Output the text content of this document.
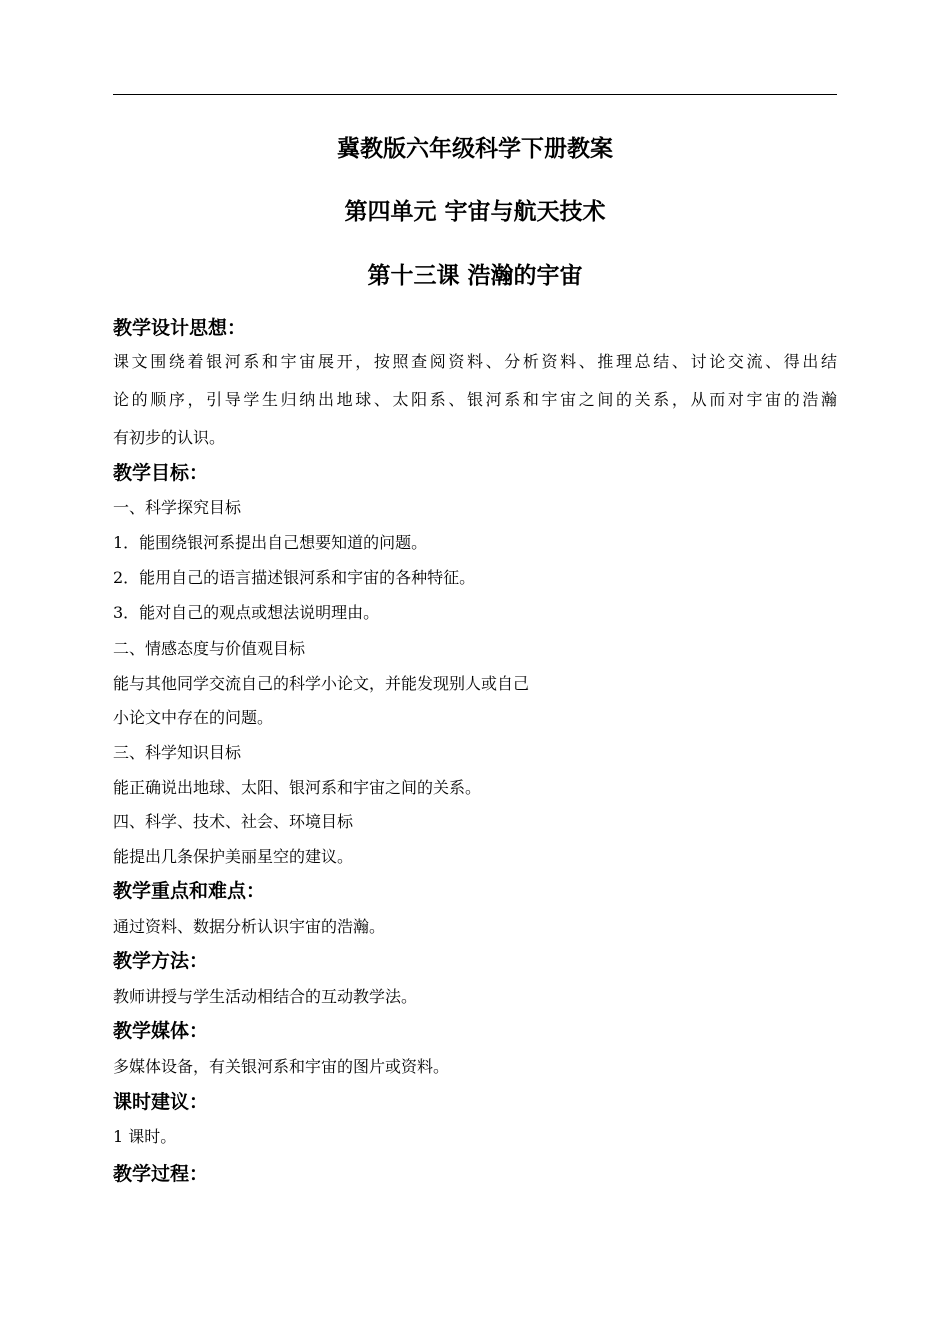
冀教版六年级科学下册教案
第四单元 宇宙与航天技术
第十三课 浩瀚的宇宙
教学设计思想：
课文围绕着银河系和宇宙展开，按照查阅资料、分析资料、推理总结、讨论交流、得出结
论的顺序，引导学生归纳出地球、太阳系、银河系和宇宙之间的关系，从而对宇宙的浩瀚
有初步的认识。
教学目标：
一、科学探究目标
1．能围绕银河系提出自己想要知道的问题。
2．能用自己的语言描述银河系和宇宙的各种特征。
3．能对自己的观点或想法说明理由。
二、情感态度与价值观目标
能与其他同学交流自己的科学小论文，并能发现别人或自己
小论文中存在的问题。
三、科学知识目标
能正确说出地球、太阳、银河系和宇宙之间的关系。
四、科学、技术、社会、环境目标
能提出几条保护美丽星空的建议。
教学重点和难点：
通过资料、数据分析认识宇宙的浩瀚。
教学方法：
教师讲授与学生活动相结合的互动教学法。
教学媒体：
多媒体设备，有关银河系和宇宙的图片或资料。
课时建议：
1 课时。
教学过程：
